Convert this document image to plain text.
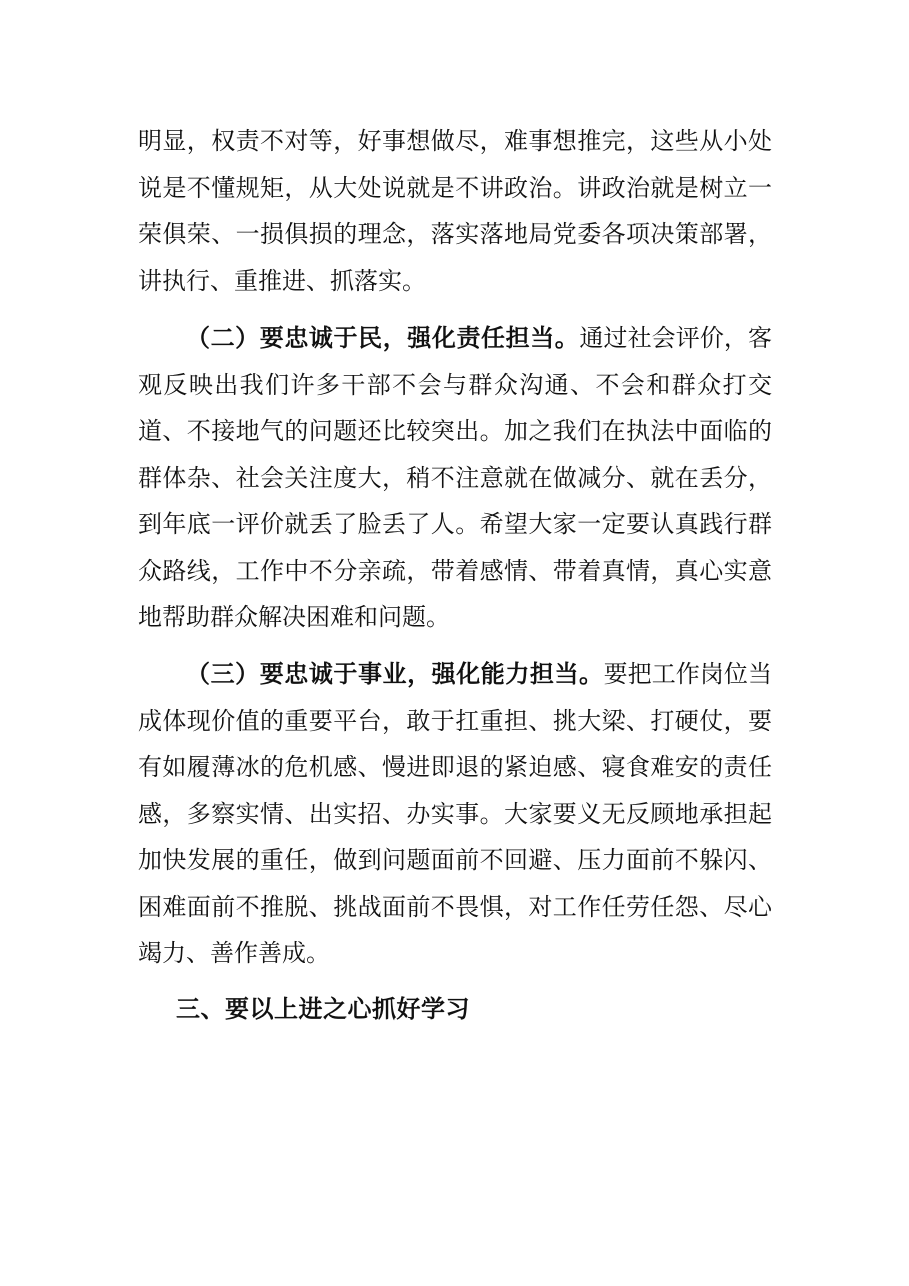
明显，权责不对等，好事想做尽，难事想推完，这些从小处说是不懂规矩，从大处说就是不讲政治。讲政治就是树立一荣俱荣、一损俱损的理念，落实落地局党委各项决策部署，讲执行、重推进、抓落实。

（二）要忠诚于民，强化责任担当。通过社会评价，客观反映出我们许多干部不会与群众沟通、不会和群众打交道、不接地气的问题还比较突出。加之我们在执法中面临的群体杂、社会关注度大，稍不注意就在做减分、就在丢分，到年底一评价就丢了脸丢了人。希望大家一定要认真践行群众路线，工作中不分亲疏，带着感情、带着真情，真心实意地帮助群众解决困难和问题。

（三）要忠诚于事业，强化能力担当。要把工作岗位当成体现价值的重要平台，敢于扛重担、挑大梁、打硬仗，要有如履薄冰的危机感、慢进即退的紧迫感、寝食难安的责任感，多察实情、出实招、办实事。大家要义无反顾地承担起加快发展的重任，做到问题面前不回避、压力面前不躲闪、困难面前不推脱、挑战面前不畏惧，对工作任劳任怨、尽心竭力、善作善成。

三、要以上进之心抓好学习
